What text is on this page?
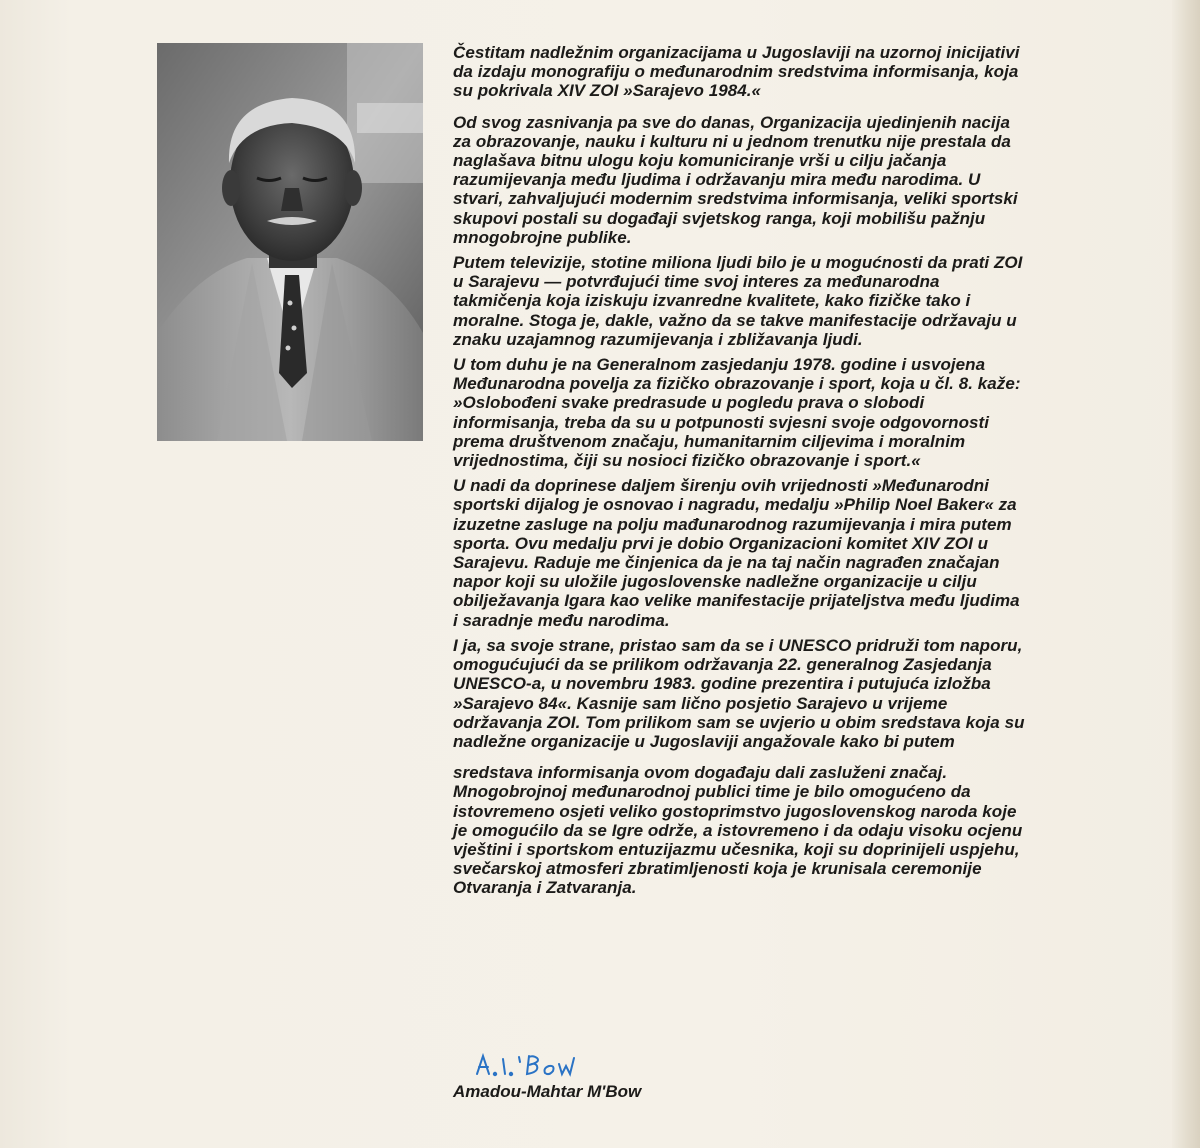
Čestitam nadležnim organizacijama u Jugoslaviji na uzornoj inicijativi
da izdaju monografiju o međunarodnim sredstvima informisanja, koja
su pokrivala XIV ZOI »Sarajevo 1984.«

Od svog zasnivanja pa sve do danas, Organizacija ujedinjenih nacija
za obrazovanje, nauku i kulturu ni u jednom trenutku nije prestala da
naglašava bitnu ulogu koju komuniciranje vrši u cilju jačanja
razumijevanja među ljudima i održavanju mira među narodima. U
stvari, zahvaljujući modernim sredstvima informisanja, veliki sportski
skupovi postali su događaji svjetskog ranga, koji mobilišu pažnju
mnogobrojne publike.

Putem televizije, stotine miliona ljudi bilo je u mogućnosti da prati ZOI
u Sarajevu — potvrđujući time svoj interes za međunarodna
takmičenja koja iziskuju izvanredne kvalitete, kako fizičke tako i
moralne. Stoga je, dakle, važno da se takve manifestacije održavaju u
znaku uzajamnog razumijevanja i zbližavanja ljudi.

U tom duhu je na Generalnom zasjedanju 1978. godine i usvojena
Međunarodna povelja za fizičko obrazovanje i sport, koja u čl. 8. kaže:
»Oslobođeni svake predrasude u pogledu prava o slobodi
informisanja, treba da su u potpunosti svjesni svoje odgovornosti
prema društvenom značaju, humanitarnim ciljevima i moralnim
vrijednostima, čiji su nosioci fizičko obrazovanje i sport.«

U nadi da doprinese daljem širenju ovih vrijednosti »Međunarodni
sportski dijalog je osnovao i nagradu, medalju »Philip Noel Baker« za
izuzetne zasluge na polju mađunarodnog razumijevanja i mira putem
sporta. Ovu medalju prvi je dobio Organizacioni komitet XIV ZOI u
Sarajevu. Raduje me činjenica da je na taj način nagrađen značajan
napor koji su uložile jugoslovenske nadležne organizacije u cilju
obilježavanja Igara kao velike manifestacije prijateljstva među ljudima
i saradnje među narodima.

I ja, sa svoje strane, pristao sam da se i UNESCO pridruži tom naporu,
omogućujući da se prilikom održavanja 22. generalnog Zasjedanja
UNESCO-a, u novembru 1983. godine prezentira i putujuća izložba
»Sarajevo 84«. Kasnije sam lično posjetio Sarajevo u vrijeme
održavanja ZOI. Tom prilikom sam se uvjerio u obim sredstava koja su
nadležne organizacije u Jugoslaviji angažovale kako bi putem

sredstava informisanja ovom događaju dali zasluženi značaj.
Mnogobrojnoj međunarodnoj publici time je bilo omogućeno da
istovremeno osjeti veliko gostoprimstvo jugoslovenskog naroda koje
je omogućilo da se Igre održe, a istovremeno i da odaju visoku ocjenu
vještini i sportskom entuzijazmu učesnika, koji su doprinijeli uspjehu,
svečarskoj atmosferi zbratimljenosti koja je krunisala ceremonije
Otvaranja i Zatvaranja.

Amadou-Mahtar M'Bow
